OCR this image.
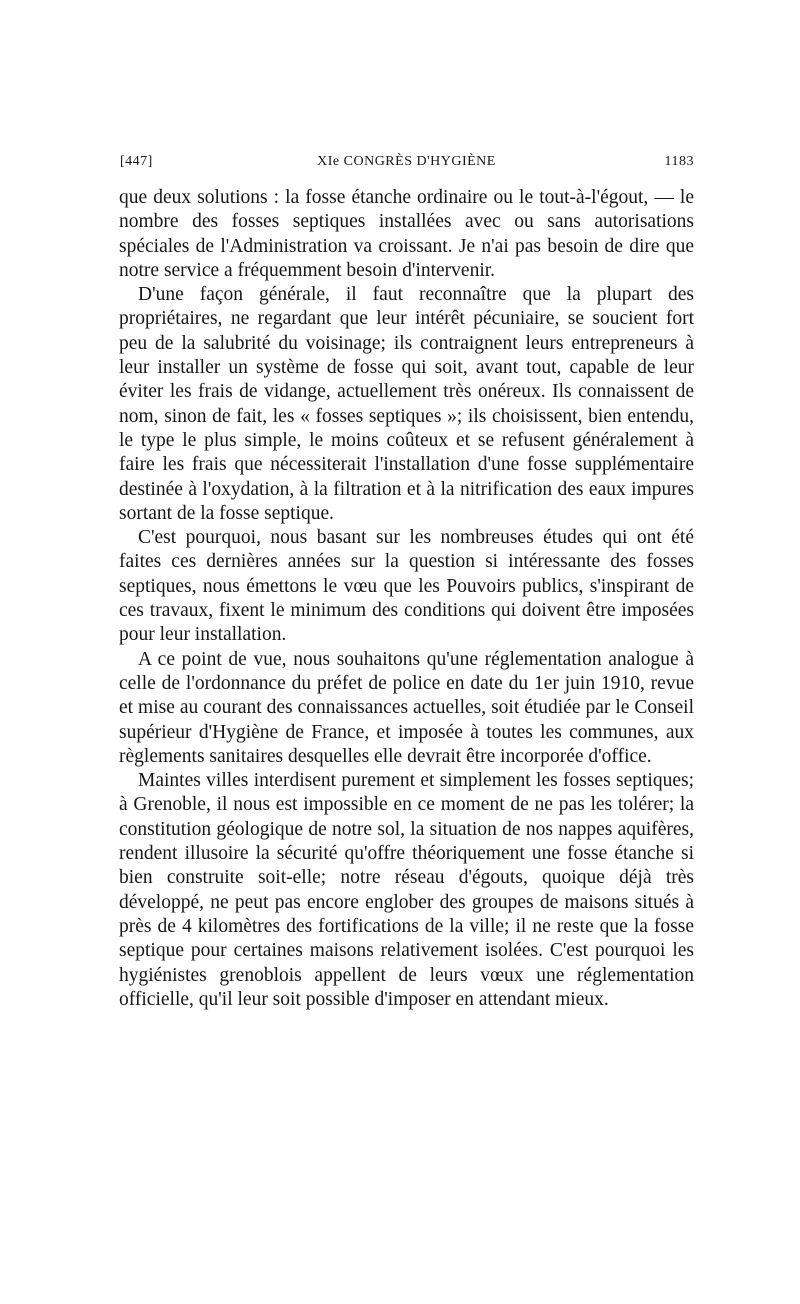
[447]	XIe CONGRÈS D'HYGIÈNE	1183

que deux solutions : la fosse étanche ordinaire ou le tout-à-l'égout, — le nombre des fosses septiques installées avec ou sans autorisations spéciales de l'Administration va croissant. Je n'ai pas besoin de dire que notre service a fréquemment besoin d'intervenir.

D'une façon générale, il faut reconnaître que la plupart des propriétaires, ne regardant que leur intérêt pécuniaire, se soucient fort peu de la salubrité du voisinage; ils contraignent leurs entrepreneurs à leur installer un système de fosse qui soit, avant tout, capable de leur éviter les frais de vidange, actuellement très onéreux. Ils connaissent de nom, sinon de fait, les « fosses septiques »; ils choisissent, bien entendu, le type le plus simple, le moins coûteux et se refusent généralement à faire les frais que nécessiterait l'installation d'une fosse supplémentaire destinée à l'oxydation, à la filtration et à la nitrification des eaux impures sortant de la fosse septique.

C'est pourquoi, nous basant sur les nombreuses études qui ont été faites ces dernières années sur la question si intéressante des fosses septiques, nous émettons le vœu que les Pouvoirs publics, s'inspirant de ces travaux, fixent le minimum des conditions qui doivent être imposées pour leur installation.

A ce point de vue, nous souhaitons qu'une réglementation analogue à celle de l'ordonnance du préfet de police en date du 1er juin 1910, revue et mise au courant des connaissances actuelles, soit étudiée par le Conseil supérieur d'Hygiène de France, et imposée à toutes les communes, aux règlements sanitaires desquelles elle devrait être incorporée d'office.

Maintes villes interdisent purement et simplement les fosses septiques; à Grenoble, il nous est impossible en ce moment de ne pas les tolérer; la constitution géologique de notre sol, la situation de nos nappes aquifères, rendent illusoire la sécurité qu'offre théoriquement une fosse étanche si bien construite soit-elle; notre réseau d'égouts, quoique déjà très développé, ne peut pas encore englober des groupes de maisons situés à près de 4 kilomètres des fortifications de la ville; il ne reste que la fosse septique pour certaines maisons relativement isolées. C'est pourquoi les hygiénistes grenoblois appellent de leurs vœux une réglementation officielle, qu'il leur soit possible d'imposer en attendant mieux.
